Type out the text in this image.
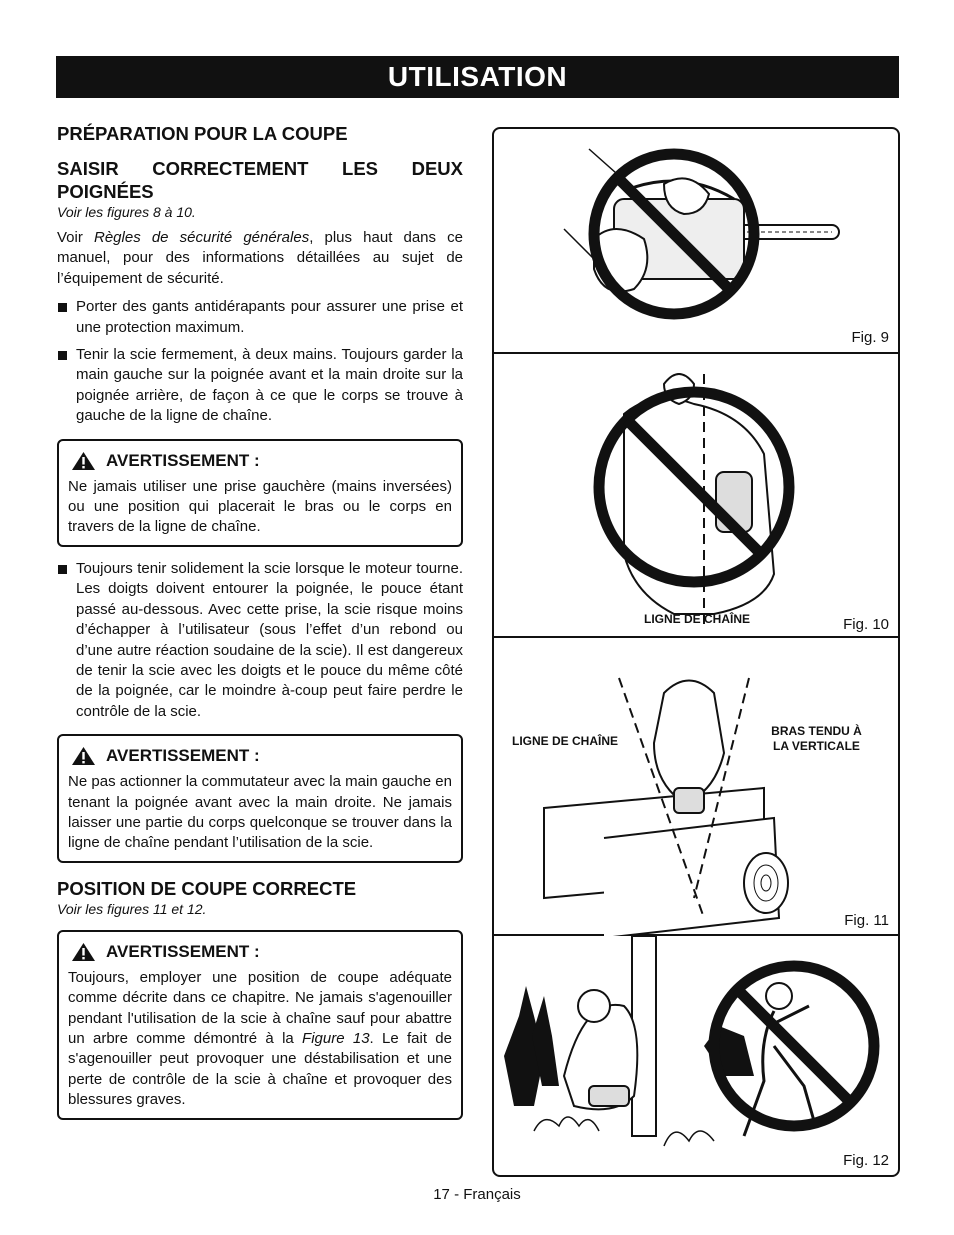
UTILISATION
PRÉPARATION POUR LA COUPE
SAISIR CORRECTEMENT LES DEUX POIGNÉES
Voir les figures 8 à 10.

Voir Règles de sécurité générales, plus haut dans ce manuel, pour des informations détaillées au sujet de l’équipement de sécurité.

Porter des gants antidérapants pour assurer une prise et une protection maximum.
Tenir la scie fermement, à deux mains. Toujours garder la main gauche sur la poignée avant et la main droite sur la poignée arrière, de façon à ce que le corps se trouve à gauche de la ligne de chaîne.
AVERTISSEMENT :

Ne jamais utiliser une prise gauchère (mains inversées) ou une position qui placerait le bras ou le corps en travers de la ligne de chaîne.

Toujours tenir solidement la scie lorsque le moteur tourne. Les doigts doivent entourer la poignée, le pouce étant passé au-dessous. Avec cette prise, la scie risque moins d’échapper à l’utilisateur (sous l’effet d’un rebond ou d’une autre réaction soudaine de la scie). Il est dangereux de tenir la scie avec les doigts et le pouce du même côté de la poignée, car le moindre à-coup peut faire perdre le contrôle de la scie.
AVERTISSEMENT :

Ne pas actionner la commutateur avec la main gauche en tenant la poignée avant avec la main droite. Ne jamais laisser une partie du corps quelconque se trouver dans la ligne de chaîne pendant l’utilisation de la scie.

POSITION DE COUPE CORRECTE
Voir les figures 11 et 12.
AVERTISSEMENT :

Toujours, employer une position de coupe adéquate comme décrite dans ce chapitre. Ne jamais s'agenouiller pendant l'utilisation de la scie à chaîne sauf pour abattre un arbre comme démontré à la Figure 13. Le fait de s'agenouiller peut provoquer une déstabilisation et une perte de contrôle de la scie à chaîne et provoquer des blessures graves.

Fig. 9
LIGNE DE CHAÎNE	Fig. 10
LIGNE DE CHAÎNE
BRAS TENDU À LA VERTICALE
Fig. 11
Fig. 12
17 - Français
